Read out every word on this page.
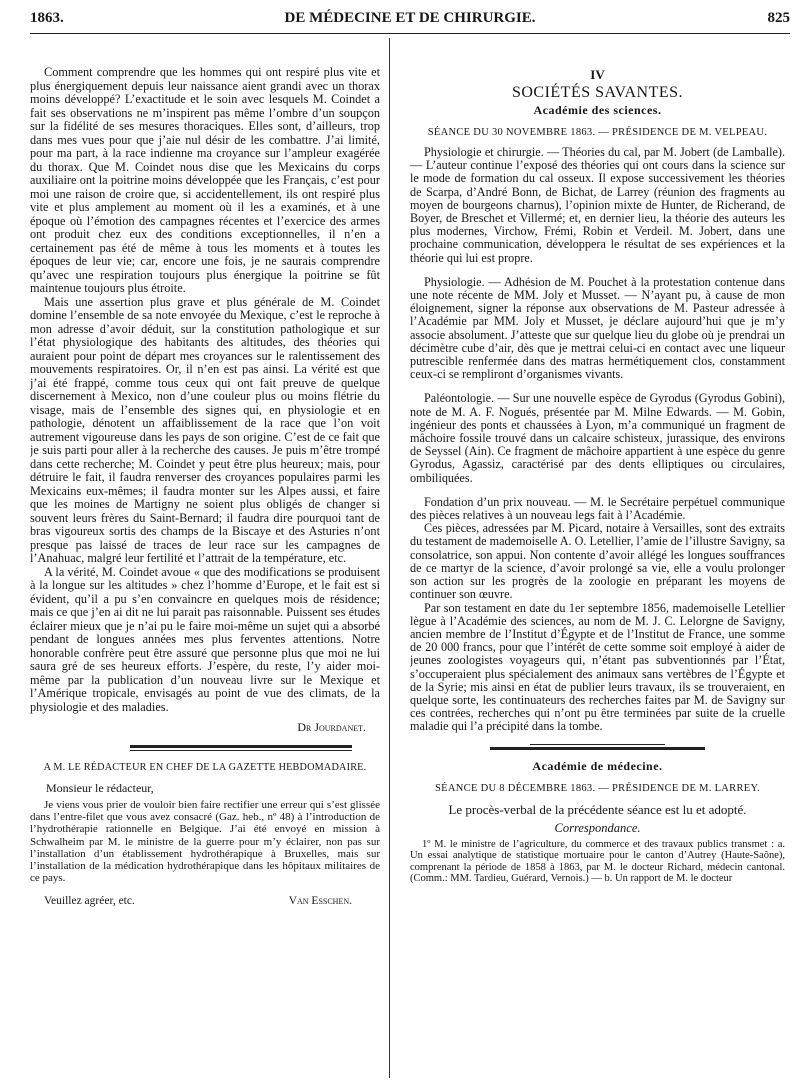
1863.	DE MÉDECINE ET DE CHIRURGIE.	825

Comment comprendre que les hommes qui ont respiré plus vite et plus énergiquement depuis leur naissance aient grandi avec un thorax moins développé? L’exactitude et le soin avec lesquels M. Coindet a fait ses observations ne m’inspirent pas même l’ombre d’un soupçon sur la fidélité de ses mesures thoraciques. Elles sont, d’ailleurs, trop dans mes vues pour que j’aie nul désir de les combattre. J’ai limité, pour ma part, à la race indienne ma croyance sur l’ampleur exagérée du thorax. Que M. Coindet nous dise que les Mexicains du corps auxiliaire ont la poitrine moins développée que les Français, c’est pour moi une raison de croire que, si accidentellement, ils ont respiré plus vite et plus amplement au moment où il les a examinés, et à une époque où l’émotion des campagnes récentes et l’exercice des armes ont produit chez eux des conditions exceptionnelles, il n’en a certainement pas été de même à tous les moments et à toutes les époques de leur vie; car, encore une fois, je ne saurais comprendre qu’avec une respiration toujours plus énergique la poitrine se fût maintenue toujours plus étroite.

Mais une assertion plus grave et plus générale de M. Coindet domine l’ensemble de sa note envoyée du Mexique, c’est le reproche à mon adresse d’avoir déduit, sur la constitution pathologique et sur l’état physiologique des habitants des altitudes, des théories qui auraient pour point de départ mes croyances sur le ralentissement des mouvements respiratoires. Or, il n’en est pas ainsi. La vérité est que j’ai été frappé, comme tous ceux qui ont fait preuve de quelque discernement à Mexico, non d’une couleur plus ou moins flétrie du visage, mais de l’ensemble des signes qui, en physiologie et en pathologie, dénotent un affaiblissement de la race que l’on voit autrement vigoureuse dans les pays de son origine. C’est de ce fait que je suis parti pour aller à la recherche des causes. Je puis m’être trompé dans cette recherche; M. Coindet y peut être plus heureux; mais, pour détruire le fait, il faudra renverser des croyances populaires parmi les Mexicains eux-mêmes; il faudra monter sur les Alpes aussi, et faire que les moines de Martigny ne soient plus obligés de changer si souvent leurs frères du Saint-Bernard; il faudra dire pourquoi tant de bras vigoureux sortis des champs de la Biscaye et des Asturies n’ont presque pas laissé de traces de leur race sur les campagnes de l’Anahuac, malgré leur fertilité et l’attrait de la température, etc.

A la vérité, M. Coindet avoue « que des modifications se produisent à la longue sur les altitudes » chez l’homme d’Europe, et le fait est si évident, qu’il a pu s’en convaincre en quelques mois de résidence; mais ce que j’en ai dit ne lui parait pas raisonnable. Puissent ses études éclairer mieux que je n’ai pu le faire moi-même un sujet qui a absorbé pendant de longues années mes plus ferventes attentions. Notre honorable confrère peut être assuré que personne plus que moi ne lui saura gré de ses heureux efforts. J’espère, du reste, l’y aider moi-même par la publication d’un nouveau livre sur le Mexique et l’Amérique tropicale, envisagés au point de vue des climats, de la physiologie et des maladies.

Dr Jourdanet.
A M. LE RÉDACTEUR EN CHEF DE LA GAZETTE HEBDOMADAIRE.
Monsieur le rédacteur,

Je viens vous prier de vouloir bien faire rectifier une erreur qui s’est glissée dans l’entre-filet que vous avez consacré (Gaz. heb., nº 48) à l’introduction de l’hydrothérapie rationnelle en Belgique. J’ai été envoyé en mission à Schwalheim par M. le ministre de la guerre pour m’y éclairer, non pas sur l’installation d’un établissement hydrothérapique à Bruxelles, mais sur l’installation de la médication hydrothérapique dans les hôpitaux militaires de ce pays.

Veuillez agréer, etc.	Van Esschen.
IV
SOCIÉTÉS SAVANTES.
Académie des sciences.
SÉANCE DU 30 NOVEMBRE 1863. — PRÉSIDENCE DE M. VELPEAU.

Physiologie et chirurgie. — Théories du cal, par M. Jobert (de Lamballe). — L’auteur continue l’exposé des théories qui ont cours dans la science sur le mode de formation du cal osseux. Il expose successivement les théories de Scarpa, d’André Bonn, de Bichat, de Larrey (réunion des fragments au moyen de bourgeons charnus), l’opinion mixte de Hunter, de Richerand, de Boyer, de Breschet et Villermé; et, en dernier lieu, la théorie des auteurs les plus modernes, Virchow, Frémi, Robin et Verdeil. M. Jobert, dans une prochaine communication, développera le résultat de ses expériences et la théorie qui lui est propre.

Physiologie. — Adhésion de M. Pouchet à la protestation contenue dans une note récente de MM. Joly et Musset. — N’ayant pu, à cause de mon éloignement, signer la réponse aux observations de M. Pasteur adressée à l’Académie par MM. Joly et Musset, je déclare aujourd’hui que je m’y associe absolument. J’atteste que sur quelque lieu du globe où je prendrai un décimètre cube d’air, dès que je mettrai celui-ci en contact avec une liqueur putrescible renfermée dans des matras hermétiquement clos, constamment ceux-ci se rempliront d’organismes vivants.

Paléontologie. — Sur une nouvelle espèce de Gyrodus (Gyrodus Gobini), note de M. A. F. Nogués, présentée par M. Milne Edwards. — M. Gobin, ingénieur des ponts et chaussées à Lyon, m’a communiqué un fragment de mâchoire fossile trouvé dans un calcaire schisteux, jurassique, des environs de Seyssel (Ain). Ce fragment de mâchoire appartient à une espèce du genre Gyrodus, Agassiz, caractérisé par des dents elliptiques ou circulaires, ombiliquées.

Fondation d’un prix nouveau. — M. le Secrétaire perpétuel communique des pièces relatives à un nouveau legs fait à l’Académie.

Ces pièces, adressées par M. Picard, notaire à Versailles, sont des extraits du testament de mademoiselle A. O. Letellier, l’amie de l’illustre Savigny, sa consolatrice, son appui. Non contente d’avoir allégé les longues souffrances de ce martyr de la science, d’avoir prolongé sa vie, elle a voulu prolonger son action sur les progrès de la zoologie en préparant les moyens de continuer son œuvre.

Par son testament en date du 1er septembre 1856, mademoiselle Letellier lègue à l’Académie des sciences, au nom de M. J. C. Lelorgne de Savigny, ancien membre de l’Institut d’Égypte et de l’Institut de France, une somme de 20 000 francs, pour que l’intérêt de cette somme soit employé à aider de jeunes zoologistes voyageurs qui, n’étant pas subventionnés par l’État, s’occuperaient plus spécialement des animaux sans vertèbres de l’Égypte et de la Syrie; mis ainsi en état de publier leurs travaux, ils se trouveraient, en quelque sorte, les continuateurs des recherches faites par M. de Savigny sur ces contrées, recherches qui n’ont pu être terminées par suite de la cruelle maladie qui l’a précipité dans la tombe.

Académie de médecine.
SÉANCE DU 8 DÉCEMBRE 1863. — PRÉSIDENCE DE M. LARREY.
Le procès-verbal de la précédente séance est lu et adopté.
Correspondance.

1º M. le ministre de l’agriculture, du commerce et des travaux publics transmet : a. Un essai analytique de statistique mortuaire pour le canton d’Autrey (Haute-Saône), comprenant la période de 1858 à 1863, par M. le docteur Richard, médecin cantonal. (Comm.: MM. Tardieu, Guérard, Vernois.) — b. Un rapport de M. le docteur
